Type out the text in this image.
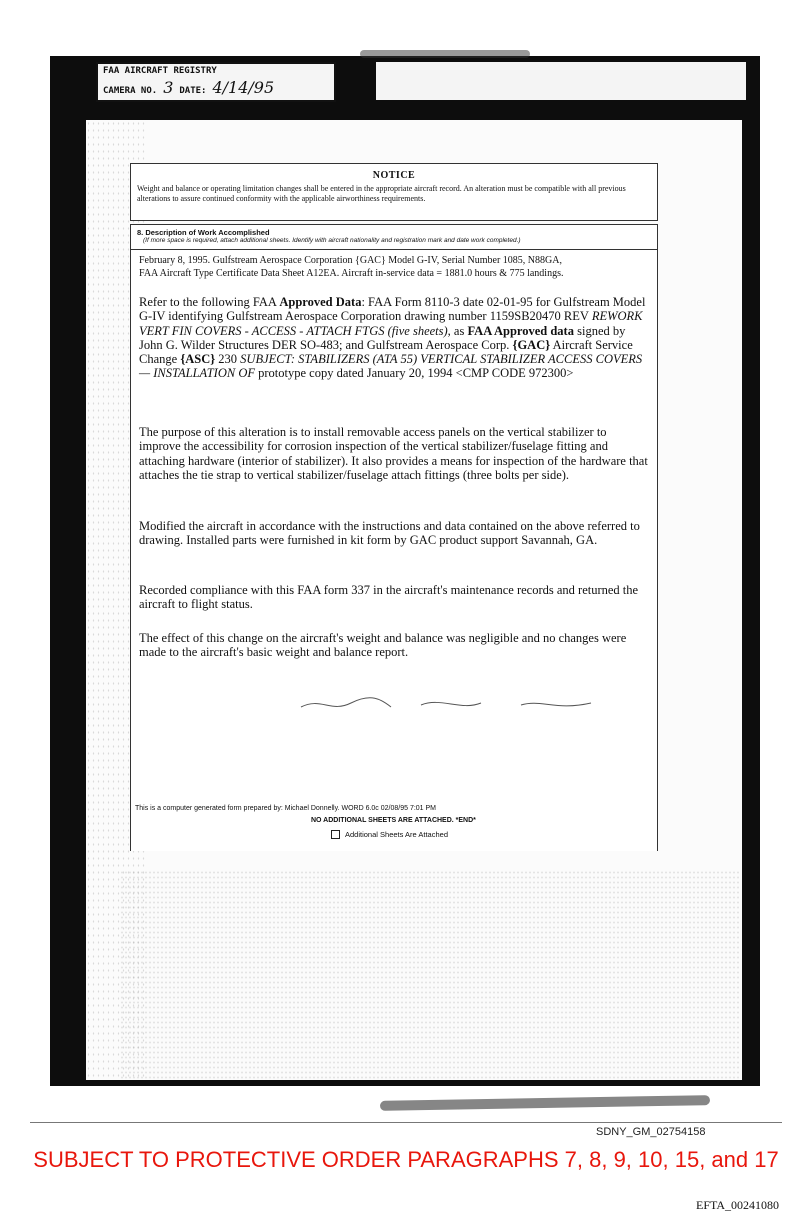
FAA AIRCRAFT REGISTRY
CAMERA NO. 3 DATE: 4/14/95
NOTICE
Weight and balance or operating limitation changes shall be entered in the appropriate aircraft record. An alteration must be compatible with all previous alterations to assure continued conformity with the applicable airworthiness requirements.
8. Description of Work Accomplished
(If more space is required, attach additional sheets. Identify with aircraft nationality and registration mark and date work completed.)
February 8, 1995. Gulfstream Aerospace Corporation {GAC} Model G-IV, Serial Number 1085, N88GA,
FAA Aircraft Type Certificate Data Sheet A12EA. Aircraft in-service data = 1881.0 hours & 775 landings.
Refer to the following FAA Approved Data: FAA Form 8110-3 date 02-01-95 for Gulfstream Model G-IV identifying Gulfstream Aerospace Corporation drawing number 1159SB20470 REV REWORK VERT FIN COVERS - ACCESS - ATTACH FTGS (five sheets), as FAA Approved data signed by John G. Wilder Structures DER SO-483; and Gulfstream Aerospace Corp. {GAC} Aircraft Service Change {ASC} 230 SUBJECT: STABILIZERS (ATA 55) VERTICAL STABILIZER ACCESS COVERS — INSTALLATION OF prototype copy dated January 20, 1994 <CMP CODE 972300>
The purpose of this alteration is to install removable access panels on the vertical stabilizer to improve the accessibility for corrosion inspection of the vertical stabilizer/fuselage fitting and attaching hardware (interior of stabilizer). It also provides a means for inspection of the hardware that attaches the tie strap to vertical stabilizer/fuselage attach fittings (three bolts per side).
Modified the aircraft in accordance with the instructions and data contained on the above referred to drawing. Installed parts were furnished in kit form by GAC product support Savannah, GA.
Recorded compliance with this FAA form 337 in the aircraft's maintenance records and returned the aircraft to flight status.
The effect of this change on the aircraft's weight and balance was negligible and no changes were made to the aircraft's basic weight and balance report.
This is a computer generated form prepared by: Michael Donnelly. WORD 6.0c 02/08/95 7:01 PM
NO ADDITIONAL SHEETS ARE ATTACHED. *END*
Additional Sheets Are Attached
SDNY_GM_02754158
SUBJECT TO PROTECTIVE ORDER PARAGRAPHS 7, 8, 9, 10, 15, and 17
EFTA_00241080
